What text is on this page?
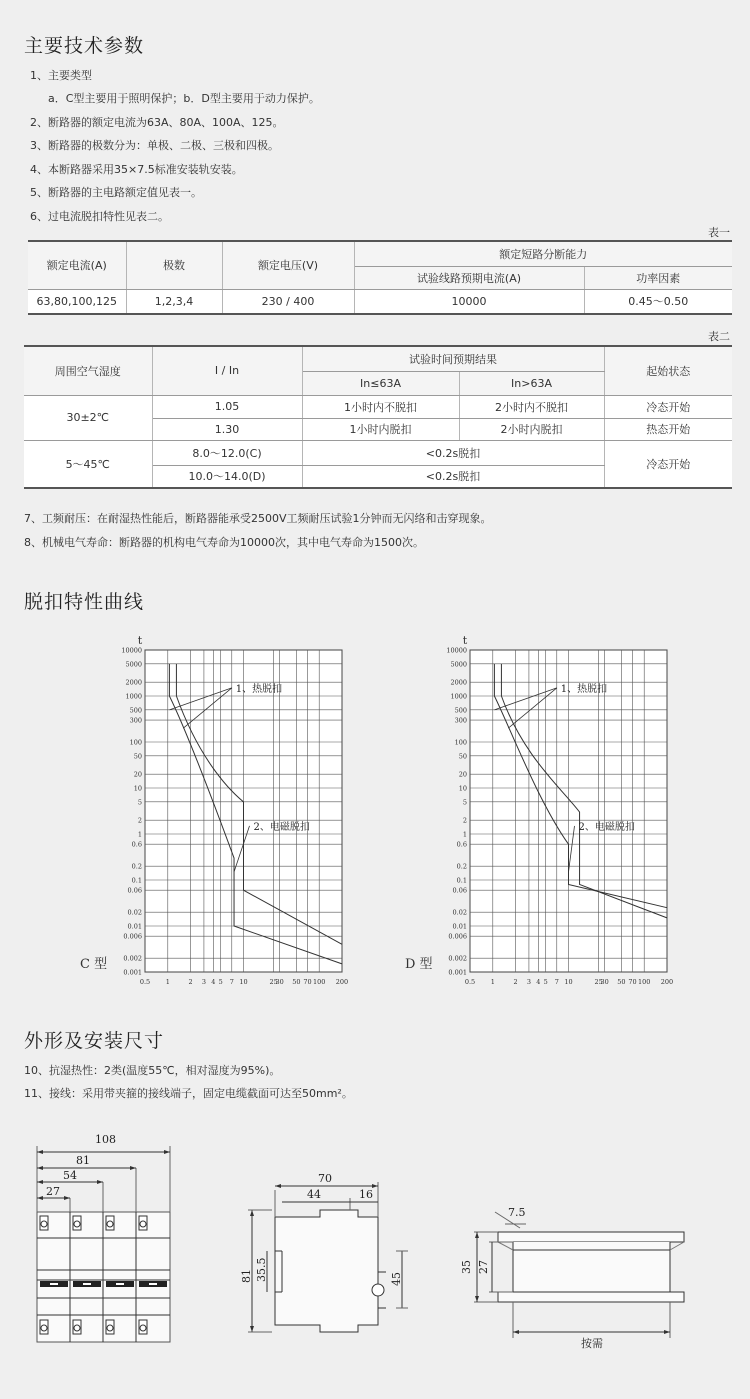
主要技术参数
1、主要类型
a．C型主要用于照明保护；b．D型主要用于动力保护。
2、断路器的额定电流为63A、80A、100A、125。
3、断路器的极数分为：单极、二极、三极和四极。
4、本断路器采用35×7.5标准安装轨安装。
5、断路器的主电路额定值见表一。
6、过电流脱扣特性见表二。
表一
额定电流(A)	极数	额定电压(V)	额定短路分断能力	
			试验线路预期电流(A)	功率因素
63,80,100,125	1,2,3,4	230 / 400	10000	0.45～0.50
表二
周围空气湿度	I / In	试验时间预期结果		起始状态
		In≤63A	In>63A	
30±2℃	1.05	1小时内不脱扣	2小时内不脱扣	冷态开始
	1.30	1小时内脱扣	2小时内脱扣	热态开始
5～45℃	8.0～12.0(C)	<0.2s脱扣		冷态开始
	10.0～14.0(D)	<0.2s脱扣		
7、工频耐压：在耐湿热性能后，断路器能承受2500V工频耐压试验1分钟而无闪络和击穿现象。
8、机械电气寿命：断路器的机构电气寿命为10000次，其中电气寿命为1500次。
脱扣特性曲线
10000
5000
2000
1000
500
300
100
50
20
10
5
2
1
0.6
0.2
0.1
0.06
0.02
0.01
0.006
0.002
0.001
0.5 1	2 3 4 5 7 10	25
30 50 70 100 200
t
C 型
1、热脱扣
2、电磁脱扣
10000
5000
2000
1000
500
300
100
50
20
10
5
2
1
0.6
0.2
0.1
0.06
0.02
0.01
0.006
0.002
0.001
0.5 1	2 3 4 5 7 10	25
30 50 70 100 200
t
D 型
1、热脱扣
2、电磁脱扣
外形及安装尺寸
10、抗湿热性：2类(温度55℃，相对湿度为95%)。
11、接线：采用带夹箍的接线端子，固定电缆截面可达至50mm²。
108
81
54
27
70
44	16
81 35.5	45
7.5
35 27
按需
